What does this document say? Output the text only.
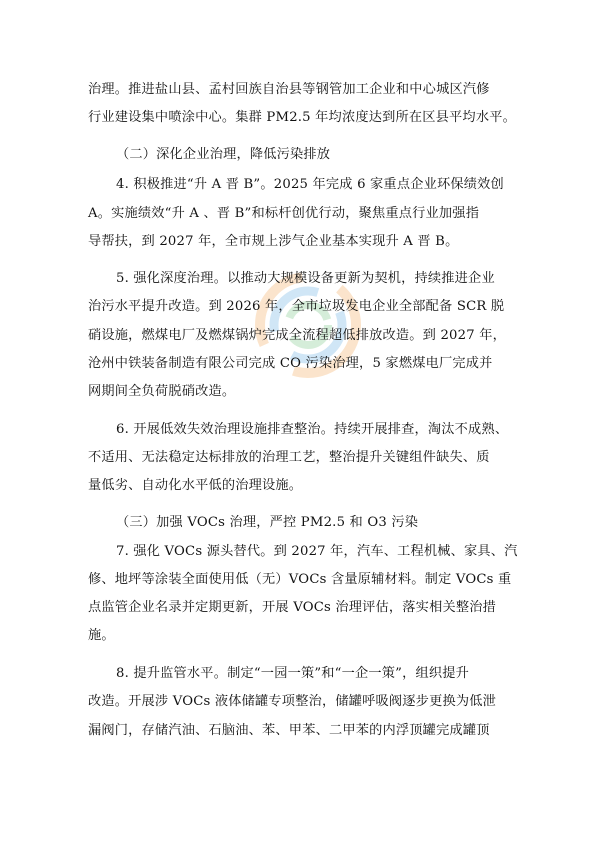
治理。推进盐山县、孟村回族自治县等钢管加工企业和中心城区汽修
行业建设集中喷涂中心。集群 PM2.5 年均浓度达到所在区县平均水平。
（二）深化企业治理，降低污染排放
4. 积极推进“升 A 晋 B”。2025 年完成 6 家重点企业环保绩效创
A。实施绩效“升 A 、晋 B”和标杆创优行动，聚焦重点行业加强指
导帮扶，到 2027 年，全市规上涉气企业基本实现升 A 晋 B。
5. 强化深度治理。以推动大规模设备更新为契机，持续推进企业
治污水平提升改造。到 2026 年，全市垃圾发电企业全部配备 SCR 脱
硝设施，燃煤电厂及燃煤锅炉完成全流程超低排放改造。到 2027 年，
沧州中铁装备制造有限公司完成 CO 污染治理，5 家燃煤电厂完成并
网期间全负荷脱硝改造。
6. 开展低效失效治理设施排查整治。持续开展排查，淘汰不成熟、
不适用、无法稳定达标排放的治理工艺，整治提升关键组件缺失、质
量低劣、自动化水平低的治理设施。
（三）加强 VOCs 治理，严控 PM2.5 和 O3 污染
7. 强化 VOCs 源头替代。到 2027 年，汽车、工程机械、家具、汽
修、地坪等涂装全面使用低（无）VOCs 含量原辅材料。制定 VOCs 重
点监管企业名录并定期更新，开展 VOCs 治理评估，落实相关整治措
施。
8. 提升监管水平。制定“一园一策”和“一企一策”，组织提升
改造。开展涉 VOCs 液体储罐专项整治，储罐呼吸阀逐步更换为低泄
漏阀门，存储汽油、石脑油、苯、甲苯、二甲苯的内浮顶罐完成罐顶
